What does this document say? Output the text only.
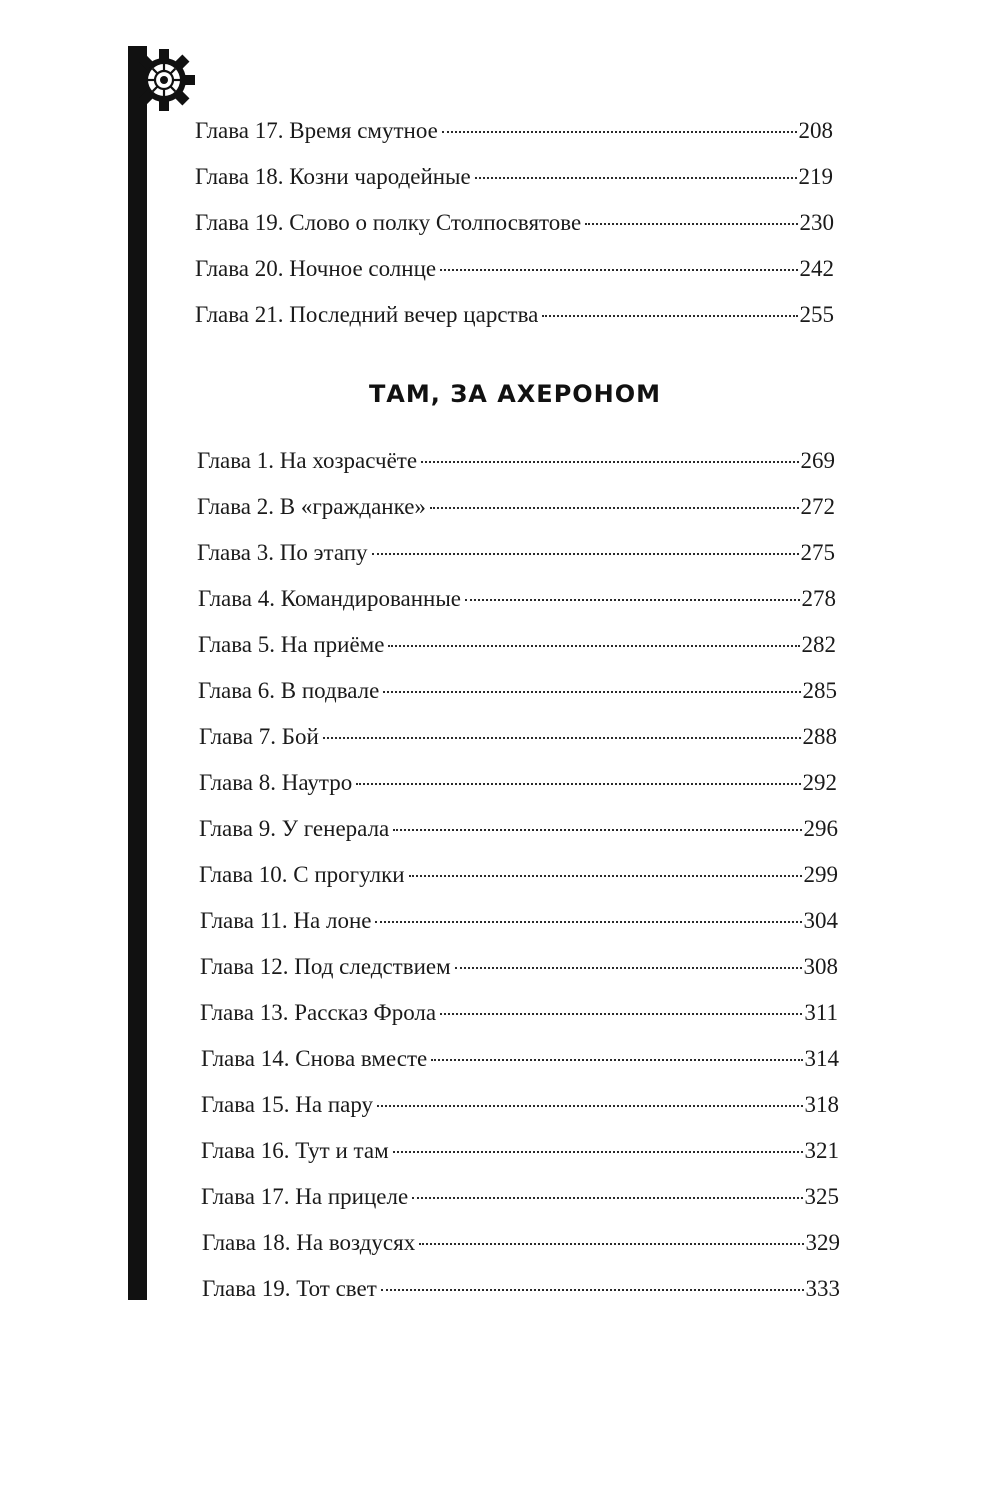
Глава 17. Время смутное	208
Глава 18. Козни чародейные	219
Глава 19. Слово о полку Столпосвятове	230
Глава 20. Ночное солнце	242
Глава 21. Последний вечер царства	255
ТАМ, ЗА АХЕРОНОМ
Глава 1. На хозрасчёте	269
Глава 2. В «гражданке»	272
Глава 3. По этапу	275
Глава 4. Командированные	278
Глава 5. На приёме	282
Глава 6. В подвале	285
Глава 7. Бой	288
Глава 8. Наутро	292
Глава 9. У генерала	296
Глава 10. С прогулки	299
Глава 11. На лоне	304
Глава 12. Под следствием	308
Глава 13. Рассказ Фрола	311
Глава 14. Снова вместе	314
Глава 15. На пару	318
Глава 16. Тут и там	321
Глава 17. На прицеле	325
Глава 18. На воздусях	329
Глава 19. Тот свет	333
